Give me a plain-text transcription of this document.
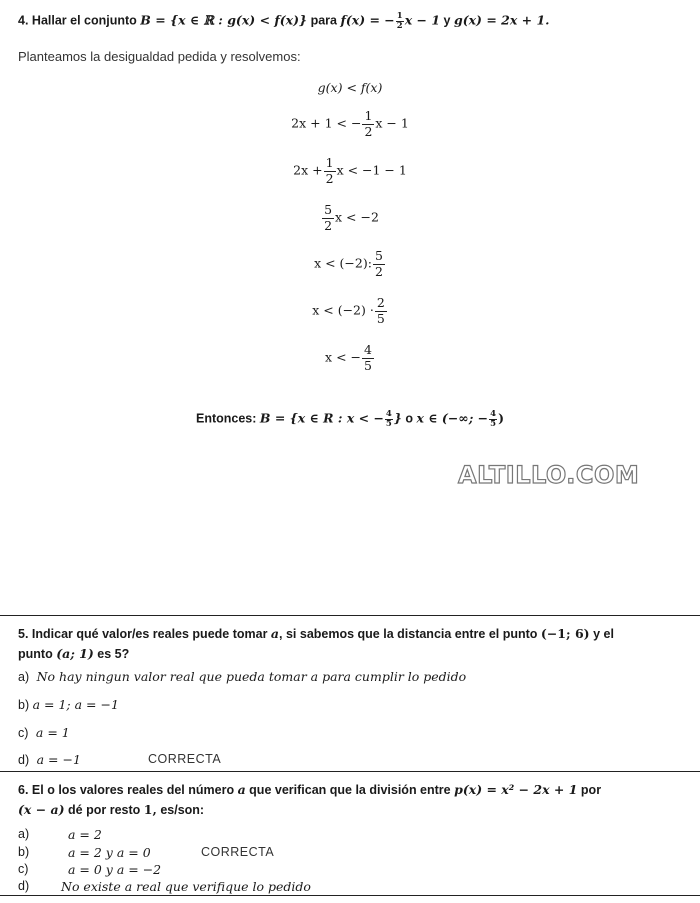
4. Hallar el conjunto B = {x ∈ ℝ : g(x) < f(x)} para f(x) = − $\frac{1}{2}$ x − 1 y g(x) = 2x + 1.
Planteamos la desigualdad pedida y resolvemos:
g(x) < f(x)
2x + 1 < − $\frac{1}{2}$ x − 1
$2x + \frac{1}{2}$ x < −1 − 1
$\frac{5}{2}$ x < −2
x < (−2): $\frac{5}{2}$
$x < (-2) \cdot \frac{2}{5}$
x < − $\frac{4}{5}$
Entonces: B = {x ∈ R : x < − $\frac{4}{5}$ } o x ∈ (−∞; − $\frac{4}{5}$ )
ALTILLO.COM
5. Indicar qué valor/es reales puede tomar a, si sabemos que la distancia entre el punto (−1; 6) y el
punto (a; 1) es 5?
a) No hay ningun valor real que pueda tomar a para cumplir lo pedido
b) a = 1; a = −1
c) a = 1
d) a = −1	CORRECTA
6. El o los valores reales del número a que verifican que la división entre p(x) = x² − 2x + 1 por
(x − a) dé por resto 1, es/son:
a)	a = 2
b)	a = 2 y a = 0	CORRECTA
c)	a = 0 y a = −2
d)	No existe a real que verifique lo pedido
